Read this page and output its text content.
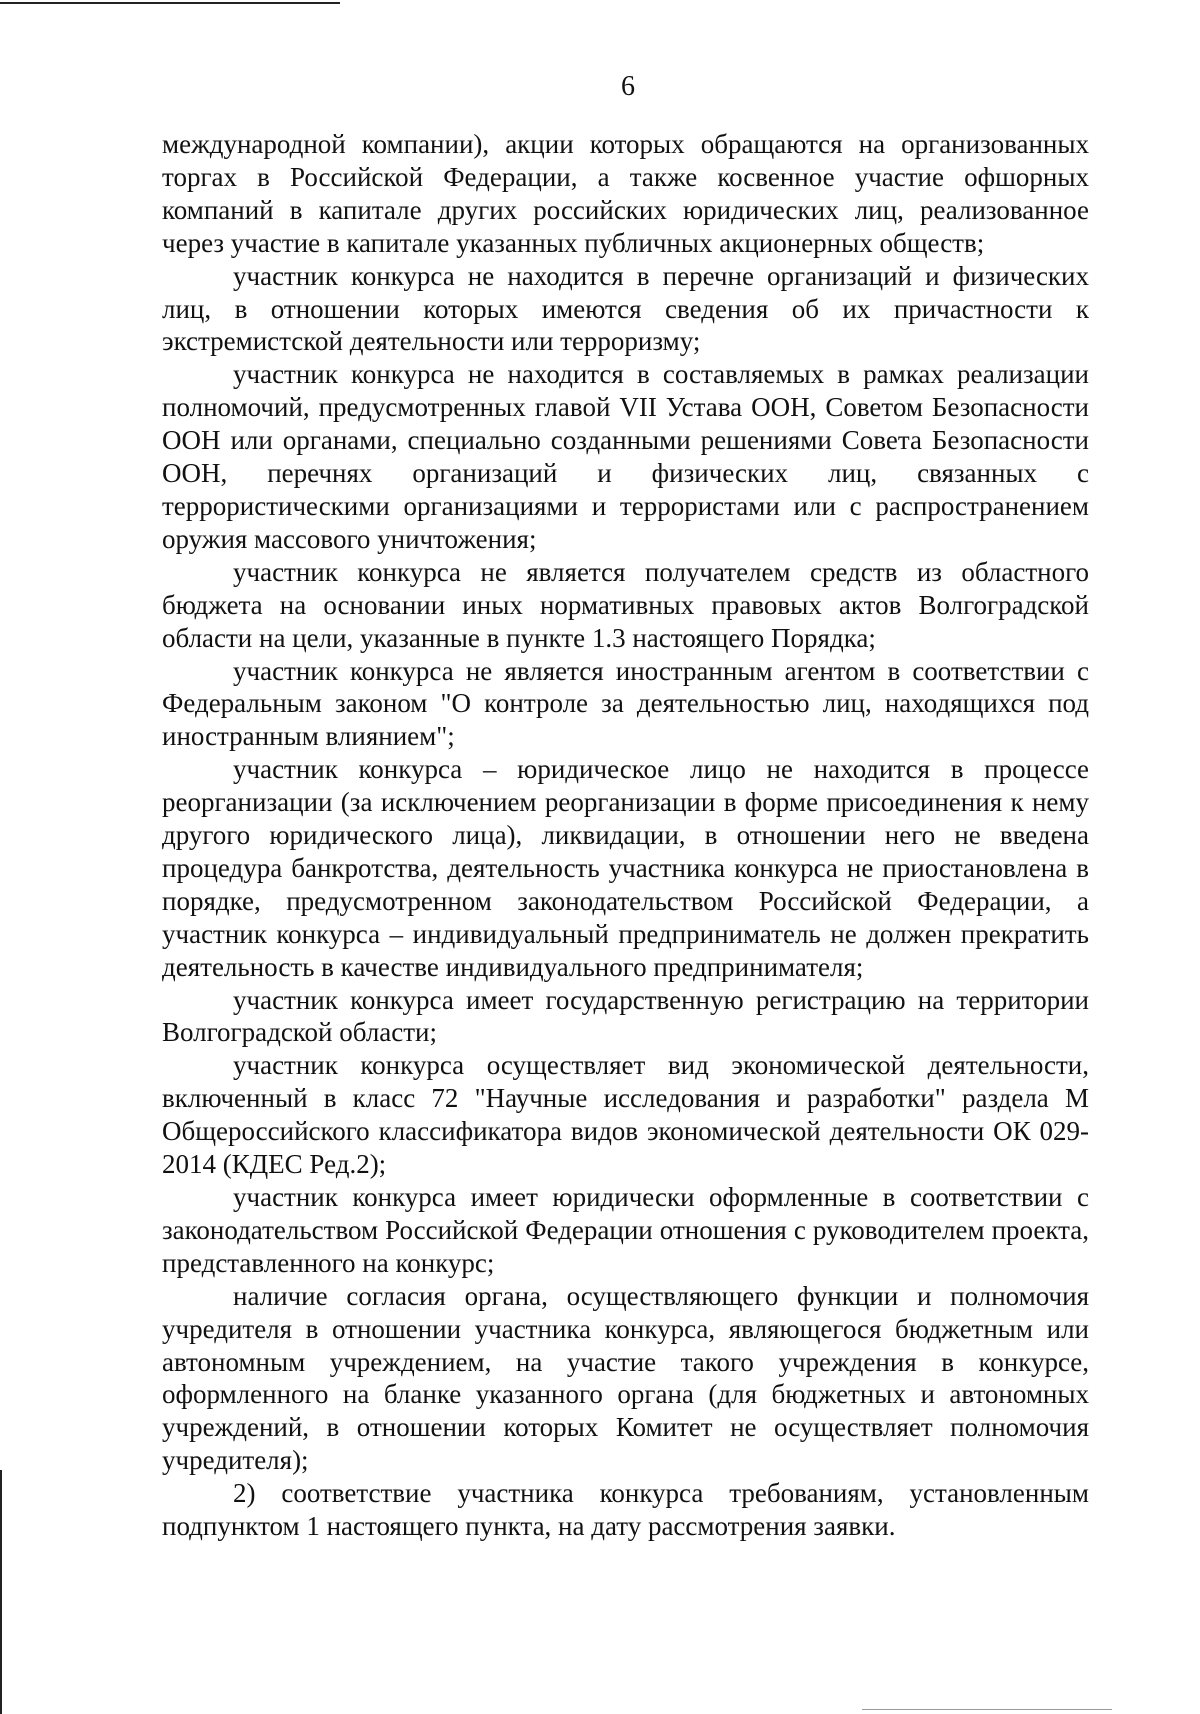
6

международной компании), акции которых обращаются на организованных торгах в Российской Федерации, а также косвенное участие офшорных компаний в капитале других российских юридических лиц, реализованное через участие в капитале указанных публичных акционерных обществ;

участник конкурса не находится в перечне организаций и физических лиц, в отношении которых имеются сведения об их причастности к экстремистской деятельности или терроризму;

участник конкурса не находится в составляемых в рамках реализации полномочий, предусмотренных главой VII Устава ООН, Советом Безопасности ООН или органами, специально созданными решениями Совета Безопасности ООН, перечнях организаций и физических лиц, связанных с террористическими организациями и террористами или с распространением оружия массового уничтожения;

участник конкурса не является получателем средств из областного бюджета на основании иных нормативных правовых актов Волгоградской области на цели, указанные в пункте 1.3 настоящего Порядка;

участник конкурса не является иностранным агентом в соответствии с Федеральным законом "О контроле за деятельностью лиц, находящихся под иностранным влиянием";

участник конкурса – юридическое лицо не находится в процессе реорганизации (за исключением реорганизации в форме присоединения к нему другого юридического лица), ликвидации, в отношении него не введена процедура банкротства, деятельность участника конкурса не приостановлена в порядке, предусмотренном законодательством Российской Федерации, а участник конкурса – индивидуальный предприниматель не должен прекратить деятельность в качестве индивидуального предпринимателя;

участник конкурса имеет государственную регистрацию на территории Волгоградской области;

участник конкурса осуществляет вид экономической деятельности, включенный в класс 72 "Научные исследования и разработки" раздела M Общероссийского классификатора видов экономической деятельности ОК 029-2014 (КДЕС Ред.2);

участник конкурса имеет юридически оформленные в соответствии с законодательством Российской Федерации отношения с руководителем проекта, представленного на конкурс;

наличие согласия органа, осуществляющего функции и полномочия учредителя в отношении участника конкурса, являющегося бюджетным или автономным учреждением, на участие такого учреждения в конкурсе, оформленного на бланке указанного органа (для бюджетных и автономных учреждений, в отношении которых Комитет не осуществляет полномочия учредителя);

2) соответствие участника конкурса требованиям, установленным подпунктом 1 настоящего пункта, на дату рассмотрения заявки.
